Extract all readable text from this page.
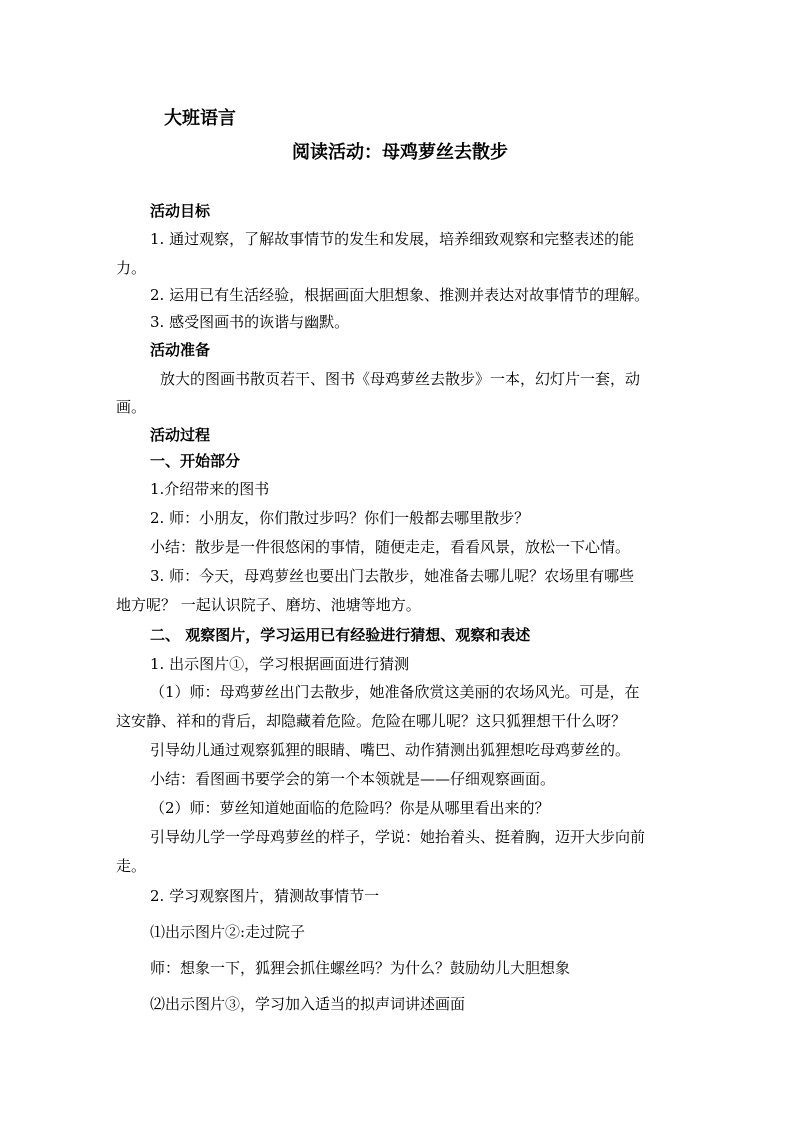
大班语言

阅读活动：母鸡萝丝去散步

活动目标

1. 通过观察，了解故事情节的发生和发展，培养细致观察和完整表述的能

力。

2. 运用已有生活经验，根据画面大胆想象、推测并表达对故事情节的理解。

3. 感受图画书的诙谐与幽默。

活动准备

放大的图画书散页若干、图书《母鸡萝丝去散步》一本，幻灯片一套，动

画。

活动过程

一、开始部分

1.介绍带来的图书

2. 师：小朋友，你们散过步吗？你们一般都去哪里散步？

小结：散步是一件很悠闲的事情，随便走走，看看风景，放松一下心情。

3. 师：今天，母鸡萝丝也要出门去散步，她准备去哪儿呢？农场里有哪些

地方呢？ 一起认识院子、磨坊、池塘等地方。

二、 观察图片，学习运用已有经验进行猜想、观察和表述

1. 出示图片①，学习根据画面进行猜测

（1）师：母鸡萝丝出门去散步，她准备欣赏这美丽的农场风光。可是，在

这安静、祥和的背后，却隐藏着危险。危险在哪儿呢？这只狐狸想干什么呀？

引导幼儿通过观察狐狸的眼睛、嘴巴、动作猜测出狐狸想吃母鸡萝丝的。

小结：看图画书要学会的第一个本领就是——仔细观察画面。

（2）师：萝丝知道她面临的危险吗？你是从哪里看出来的？

引导幼儿学一学母鸡萝丝的样子，学说：她抬着头、挺着胸，迈开大步向前

走。

2. 学习观察图片，猜测故事情节一

⑴出示图片②:走过院子

师：想象一下，狐狸会抓住螺丝吗？为什么？鼓励幼儿大胆想象

⑵出示图片③，学习加入适当的拟声词讲述画面
